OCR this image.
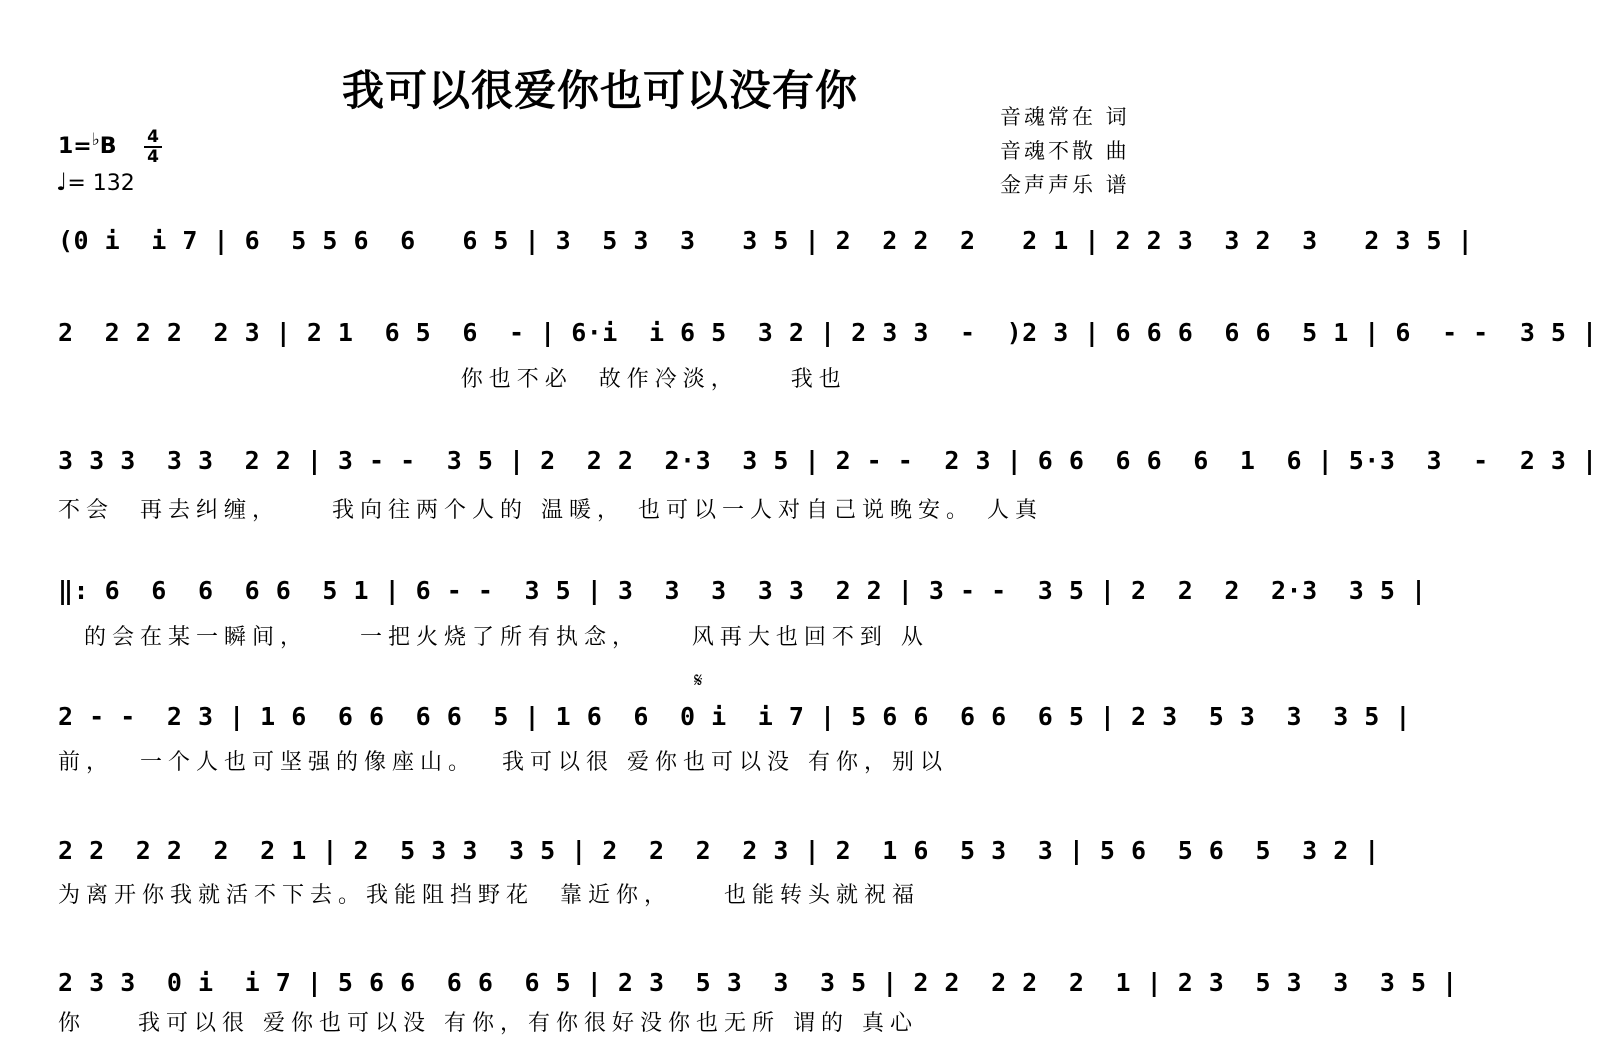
我可以很爱你也可以没有你
音魂常在 词
音魂不散 曲
金声声乐 谱
1=♭B 4
4
♩= 132
𝄋
(0 i  i 7 | 6  5 5 6  6   6 5 | 3  5 3  3   3 5 | 2  2 2  2   2 1 | 2 2 3  3 2  3   2 3 5 |
2  2 2 2  2 3 | 2 1  6 5  6  - | 6·i  i 6 5  3 2 | 2 3 3  -  )2 3 | 6 6 6  6 6  5 1 | 6  - -  3 5 |
你也不必  故作冷淡，    我也
3 3 3  3 3  2 2 | 3 - -  3 5 | 2  2 2  2·3  3 5 | 2 - -  2 3 | 6 6  6 6  6  1  6 | 5·3  3  -  2 3 |
不会  再去纠缠，    我向往两个人的 温暖， 也可以一人对自己说晚安。 人真
‖: 6  6  6  6 6  5 1 | 6 - -  3 5 | 3  3  3  3 3  2 2 | 3 - -  3 5 | 2  2  2  2·3  3 5 |
的会在某一瞬间，    一把火烧了所有执念，    风再大也回不到 从
2 - -  2 3 | 1 6  6 6  6 6  5 | 1 6  6  0 i  i 7 | 5 6 6  6 6  6 5 | 2 3  5 3  3  3 5 |
前，  一个人也可坚强的像座山。  我可以很 爱你也可以没 有你，别以
2 2  2 2  2  2 1 | 2  5 3 3  3 5 | 2  2  2  2 3 | 2  1 6  5 3  3 | 5 6  5 6  5  3 2 |
为离开你我就活不下去。我能阻挡野花  靠近你，    也能转头就祝福
2 3 3  0 i  i 7 | 5 6 6  6 6  6 5 | 2 3  5 3  3  3 5 | 2 2  2 2  2  1 | 2 3  5 3  3  3 5 |
你    我可以很 爱你也可以没 有你，有你很好没你也无所 谓的 真心
